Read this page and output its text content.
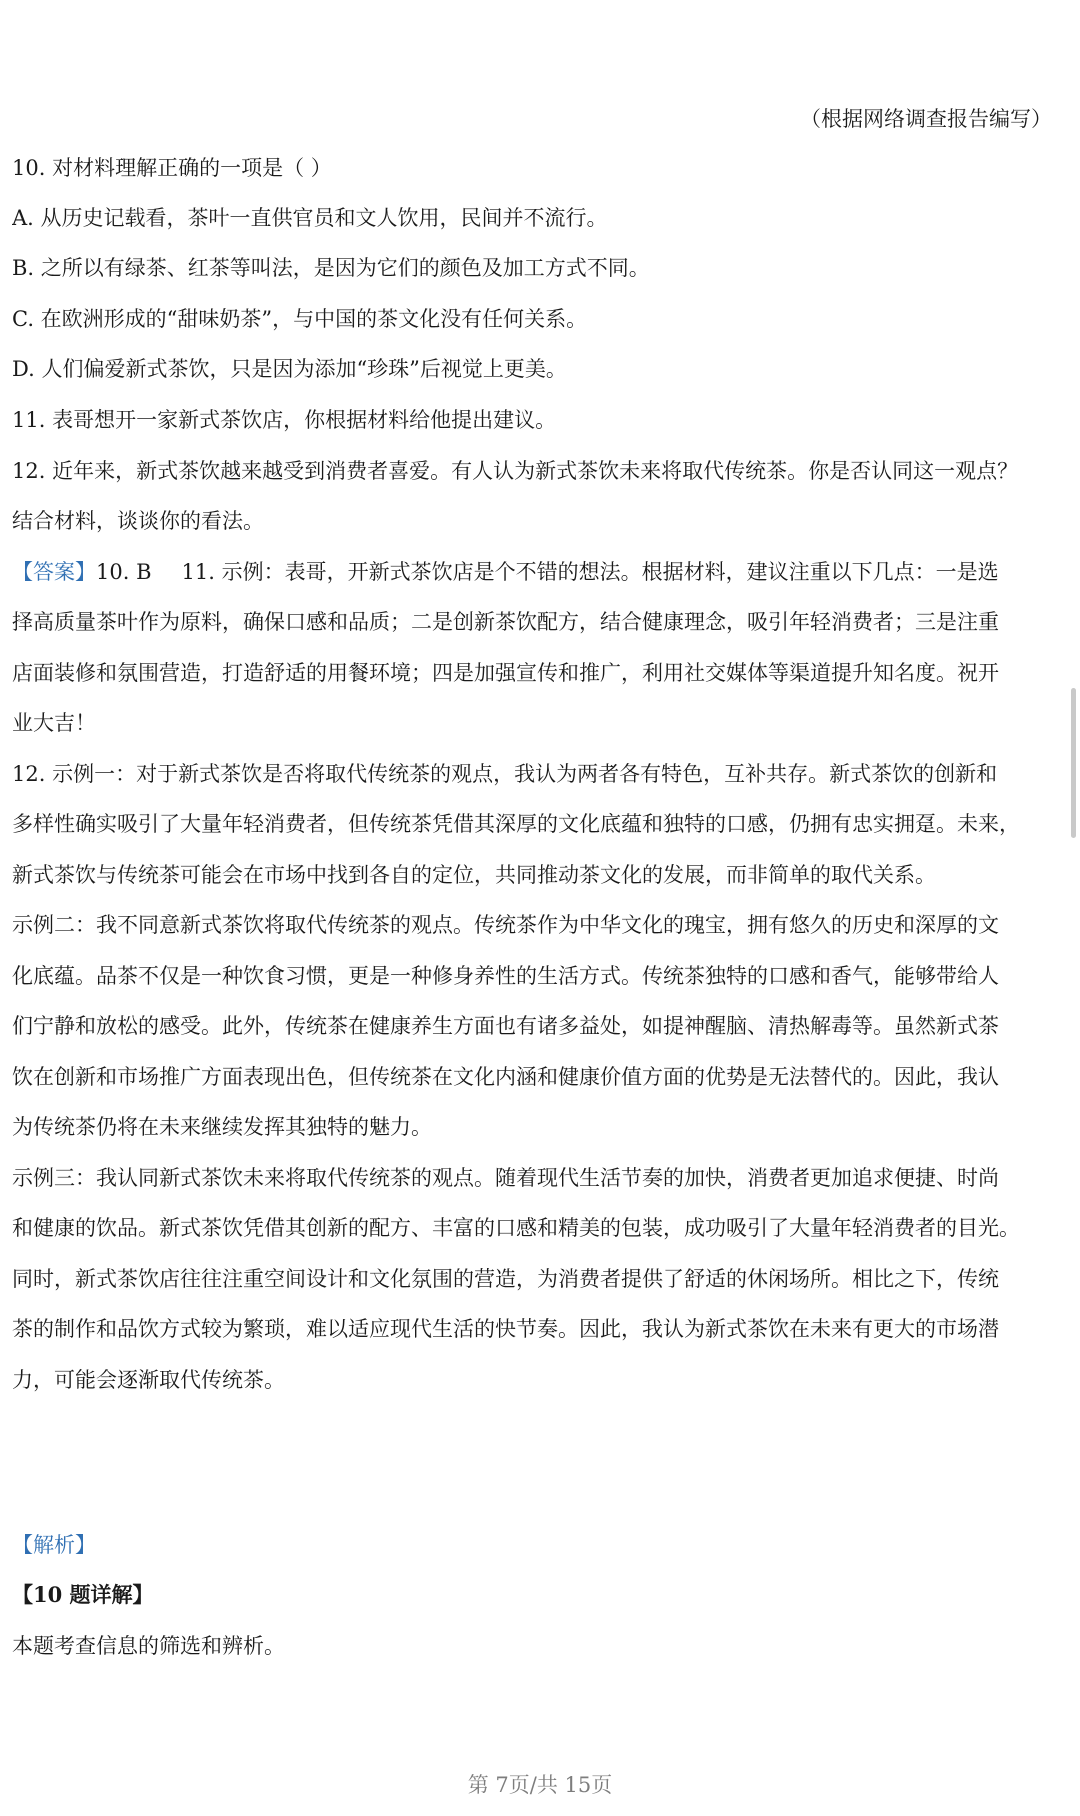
（根据网络调查报告编写）
10. 对材料理解正确的一项是（ ）
A. 从历史记载看，茶叶一直供官员和文人饮用，民间并不流行。
B. 之所以有绿茶、红茶等叫法，是因为它们的颜色及加工方式不同。
C. 在欧洲形成的“甜味奶茶”，与中国的茶文化没有任何关系。
D. 人们偏爱新式茶饮，只是因为添加“珍珠”后视觉上更美。
11. 表哥想开一家新式茶饮店，你根据材料给他提出建议。
12. 近年来，新式茶饮越来越受到消费者喜爱。有人认为新式茶饮未来将取代传统茶。你是否认同这一观点？
结合材料，谈谈你的看法。
【答案】10. B 11. 示例：表哥，开新式茶饮店是个不错的想法。根据材料，建议注重以下几点：一是选
择高质量茶叶作为原料，确保口感和品质；二是创新茶饮配方，结合健康理念，吸引年轻消费者；三是注重
店面装修和氛围营造，打造舒适的用餐环境；四是加强宣传和推广，利用社交媒体等渠道提升知名度。祝开
业大吉！
12. 示例一：对于新式茶饮是否将取代传统茶的观点，我认为两者各有特色，互补共存。新式茶饮的创新和
多样性确实吸引了大量年轻消费者，但传统茶凭借其深厚的文化底蕴和独特的口感，仍拥有忠实拥趸。未来，
新式茶饮与传统茶可能会在市场中找到各自的定位，共同推动茶文化的发展，而非简单的取代关系。
示例二：我不同意新式茶饮将取代传统茶的观点。传统茶作为中华文化的瑰宝，拥有悠久的历史和深厚的文
化底蕴。品茶不仅是一种饮食习惯，更是一种修身养性的生活方式。传统茶独特的口感和香气，能够带给人
们宁静和放松的感受。此外，传统茶在健康养生方面也有诸多益处，如提神醒脑、清热解毒等。虽然新式茶
饮在创新和市场推广方面表现出色，但传统茶在文化内涵和健康价值方面的优势是无法替代的。因此，我认
为传统茶仍将在未来继续发挥其独特的魅力。
示例三：我认同新式茶饮未来将取代传统茶的观点。随着现代生活节奏的加快，消费者更加追求便捷、时尚
和健康的饮品。新式茶饮凭借其创新的配方、丰富的口感和精美的包装，成功吸引了大量年轻消费者的目光。
同时，新式茶饮店往往注重空间设计和文化氛围的营造，为消费者提供了舒适的休闲场所。相比之下，传统
茶的制作和品饮方式较为繁琐，难以适应现代生活的快节奏。因此，我认为新式茶饮在未来有更大的市场潜
力，可能会逐渐取代传统茶。
【解析】
【10 题详解】
本题考查信息的筛选和辨析。
第 7页/共 15页
